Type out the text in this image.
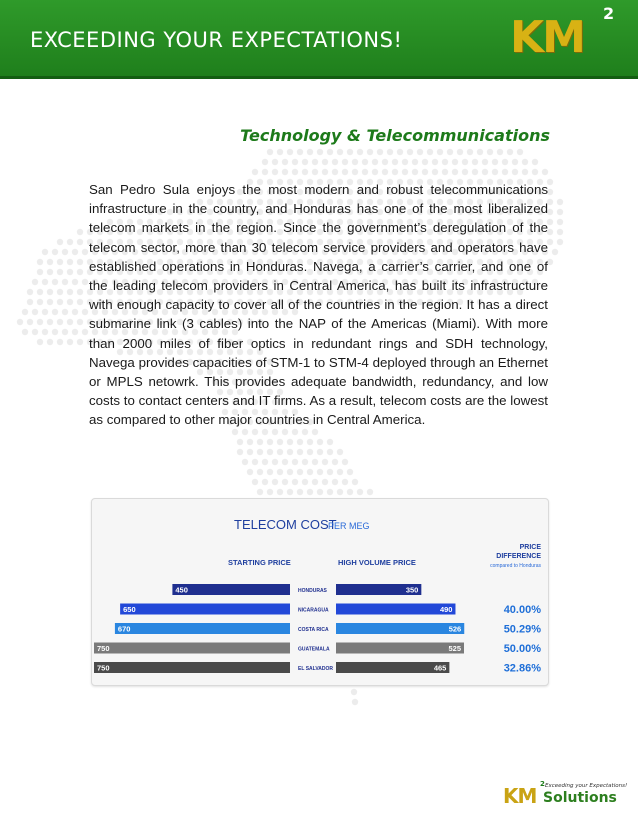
EXCEEDING YOUR EXPECTATIONS! KM 2
Technology & Telecommunications
San Pedro Sula enjoys the most modern and robust telecommunications infrastructure in the country, and Honduras has one of the most liberalized telecom markets in the region. Since the government’s deregulation of the telecom sector, more than 30 telecom service providers and operators have established operations in Honduras. Navega, a carrier’s carrier, and one of the leading telecom providers in Central America, has built its infrastructure with enough capacity to cover all of the countries in the region. It has a direct submarine link (3 cables) into the NAP of the Americas (Miami). With more than 2000 miles of fiber optics in redundant rings and SDH technology, Navega provides capacities of STM-1 to STM-4 deployed through an Ethernet or MPLS netowrk. This provides adequate bandwidth, redundancy, and low costs to contact centers and IT firms. As a result, telecom costs are the lowest as compared to other major countries in Central America.
TELECOM COST
PER MEG
STARTING PRICE	HIGH VOLUME PRICE
PRICE
DIFFERENCE
compared to Honduras
450	HONDURAS	350
650	NICARAGUA	490	40.00%
670	COSTA RICA	526	50.29%
750	GUATEMALA	525	50.00%
750	EL SALVADOR	465	32.86%
KM 2 Exceeding your Expectations!
Solutions
